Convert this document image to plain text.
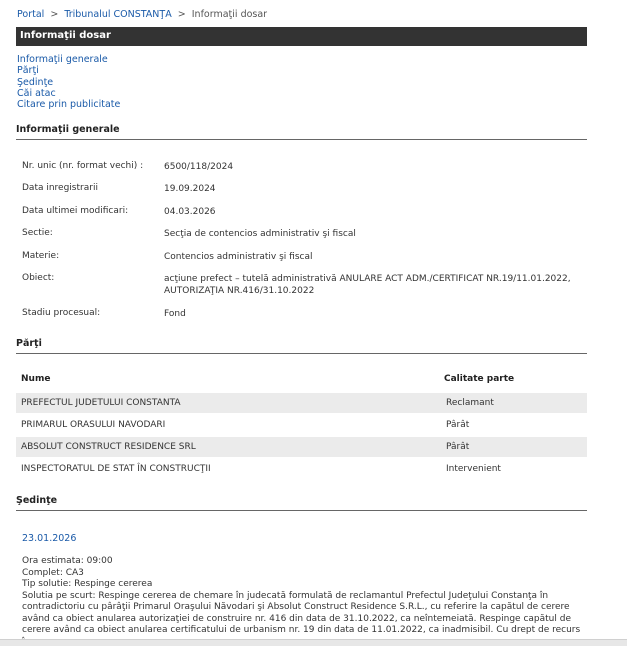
Portal > Tribunalul CONSTANŢA > Informaţii dosar
Informaţii dosar
Informaţii generale
Părţi
Şedinţe
Căi atac
Citare prin publicitate
Informaţii generale
Nr. unic (nr. format vechi) :	6500/118/2024
Data inregistrarii	19.09.2024
Data ultimei modificari:	04.03.2026
Sectie:	Secţia de contencios administrativ şi fiscal
Materie:	Contencios administrativ şi fiscal
Obiect:	acţiune prefect – tutelă administrativă ANULARE ACT ADM./CERTIFICAT NR.19/11.01.2022, AUTORIZAŢIA NR.416/31.10.2022
Stadiu procesual:	Fond
Părţi
Nume	Calitate parte
PREFECTUL JUDETULUI CONSTANTA	Reclamant
PRIMARUL ORASULUI NAVODARI	Pârât
ABSOLUT CONSTRUCT RESIDENCE SRL	Pârât
INSPECTORATUL DE STAT ÎN CONSTRUCŢII	Intervenient
Şedinţe
23.01.2026
Ora estimata: 09:00
Complet: CA3
Tip solutie: Respinge cererea
Solutia pe scurt: Respinge cererea de chemare în judecată formulată de reclamantul Prefectul Judeţului Constanţa în contradictoriu cu pârâţii Primarul Oraşului Năvodari şi Absolut Construct Residence S.R.L., cu referire la capătul de cerere având ca obiect anularea autorizaţiei de construire nr. 416 din data de 31.10.2022, ca neîntemeiată. Respinge capătul de cerere având ca obiect anularea certificatului de urbanism nr. 19 din data de 11.01.2022, ca inadmisibil. Cu drept de recurs
